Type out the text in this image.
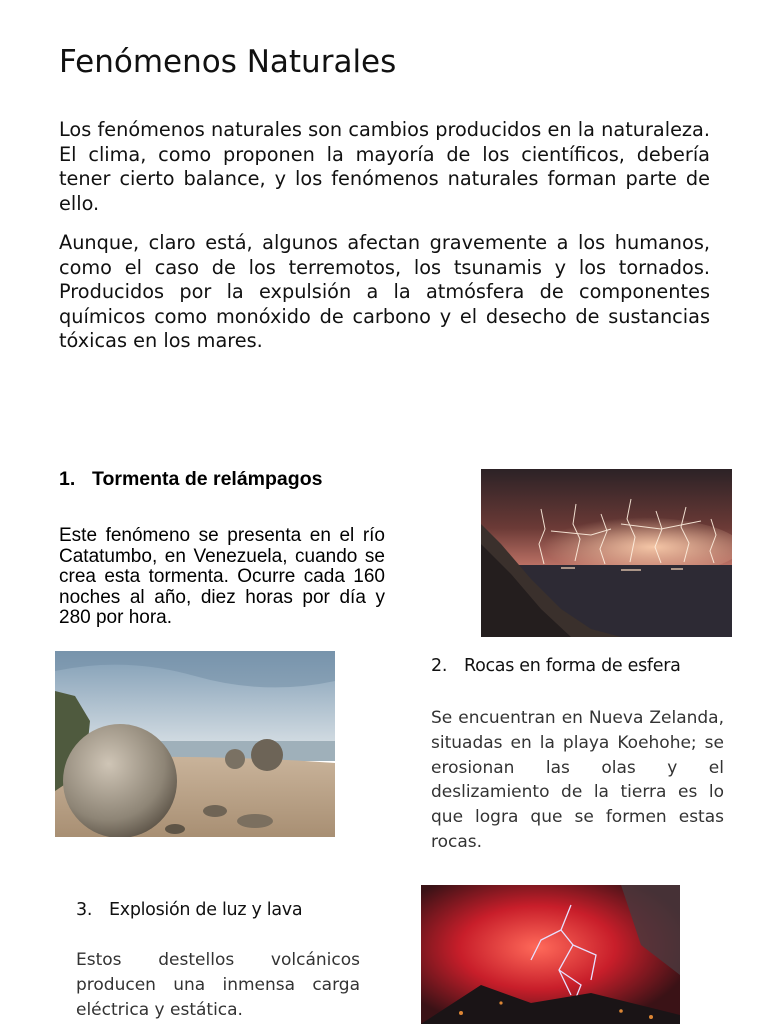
Fenómenos Naturales
Los fenómenos naturales son cambios producidos en la naturaleza. El clima, como proponen la mayoría de los científicos, debería tener cierto balance, y los fenómenos naturales forman parte de ello.
Aunque, claro está, algunos afectan gravemente a los humanos, como el caso de los terremotos, los tsunamis y los tornados. Producidos por la expulsión a la atmósfera de componentes químicos como monóxido de carbono y el desecho de sustancias tóxicas en los mares.
1. Tormenta de relámpagos
Este fenómeno se presenta en el río Catatumbo, en Venezuela, cuando se crea esta tormenta. Ocurre cada 160 noches al año, diez horas por día y 280 por hora.
2. Rocas en forma de esfera
Se encuentran en Nueva Zelanda, situadas en la playa Koehohe; se erosionan las olas y el deslizamiento de la tierra es lo que logra que se formen estas rocas.
3. Explosión de luz y lava
Estos destellos volcánicos producen una inmensa carga eléctrica y estática.
